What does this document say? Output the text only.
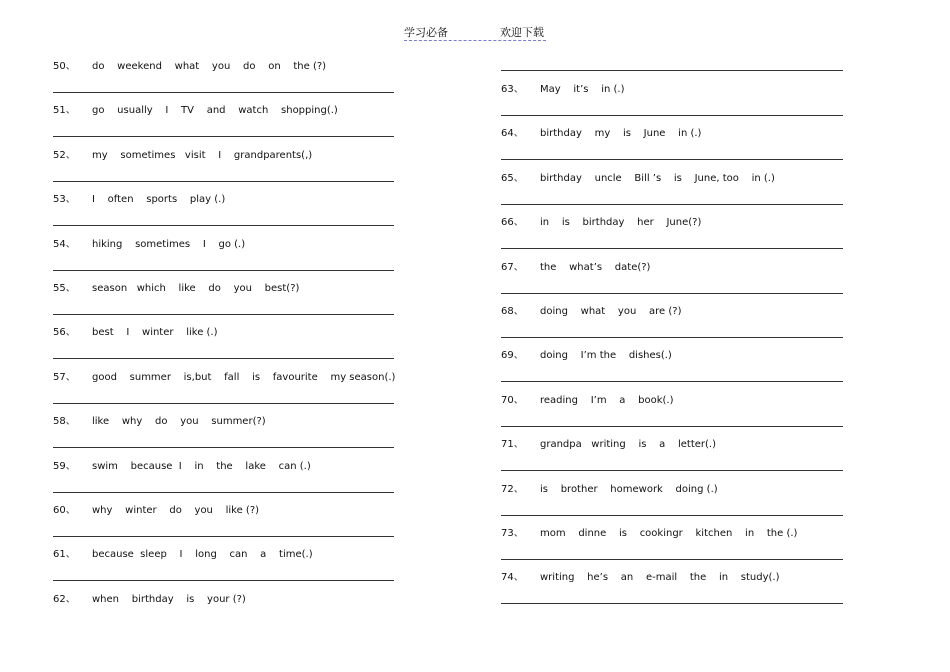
学习必备	欢迎下载
50、 do    weekend    what    you    do    on    the (?)
51、 go    usually    I    TV    and    watch    shopping(.)
52、 my    sometimes   visit    I    grandparents(,)
53、 I    often    sports    play (.)
54、 hiking    sometimes    I    go (.)
55、 season   which    like    do    you    best(?)
56、 best    I    winter    like (.)
57、 good    summer    is,but    fall    is    favourite    my season(.)
58、 like    why    do    you    summer(?)
59、 swim    because  I    in    the    lake    can (.)
60、 why    winter    do    you    like (?)
61、 because  sleep    I    long    can    a    time(.)
62、 when    birthday    is    your (?)
63、 May    it’s    in (.)
64、 birthday    my    is    June    in (.)
65、 birthday    uncle    Bill ’s    is    June, too    in (.)
66、 in    is    birthday    her    June(?)
67、 the    what’s    date(?)
68、 doing    what    you    are (?)
69、 doing    I’m the    dishes(.)
70、 reading    I’m    a    book(.)
71、 grandpa   writing    is    a    letter(.)
72、 is    brother    homework    doing (.)
73、 mom    dinne    is    cookingr    kitchen    in    the (.)
74、 writing    he’s    an    e-mail    the    in    study(.)
